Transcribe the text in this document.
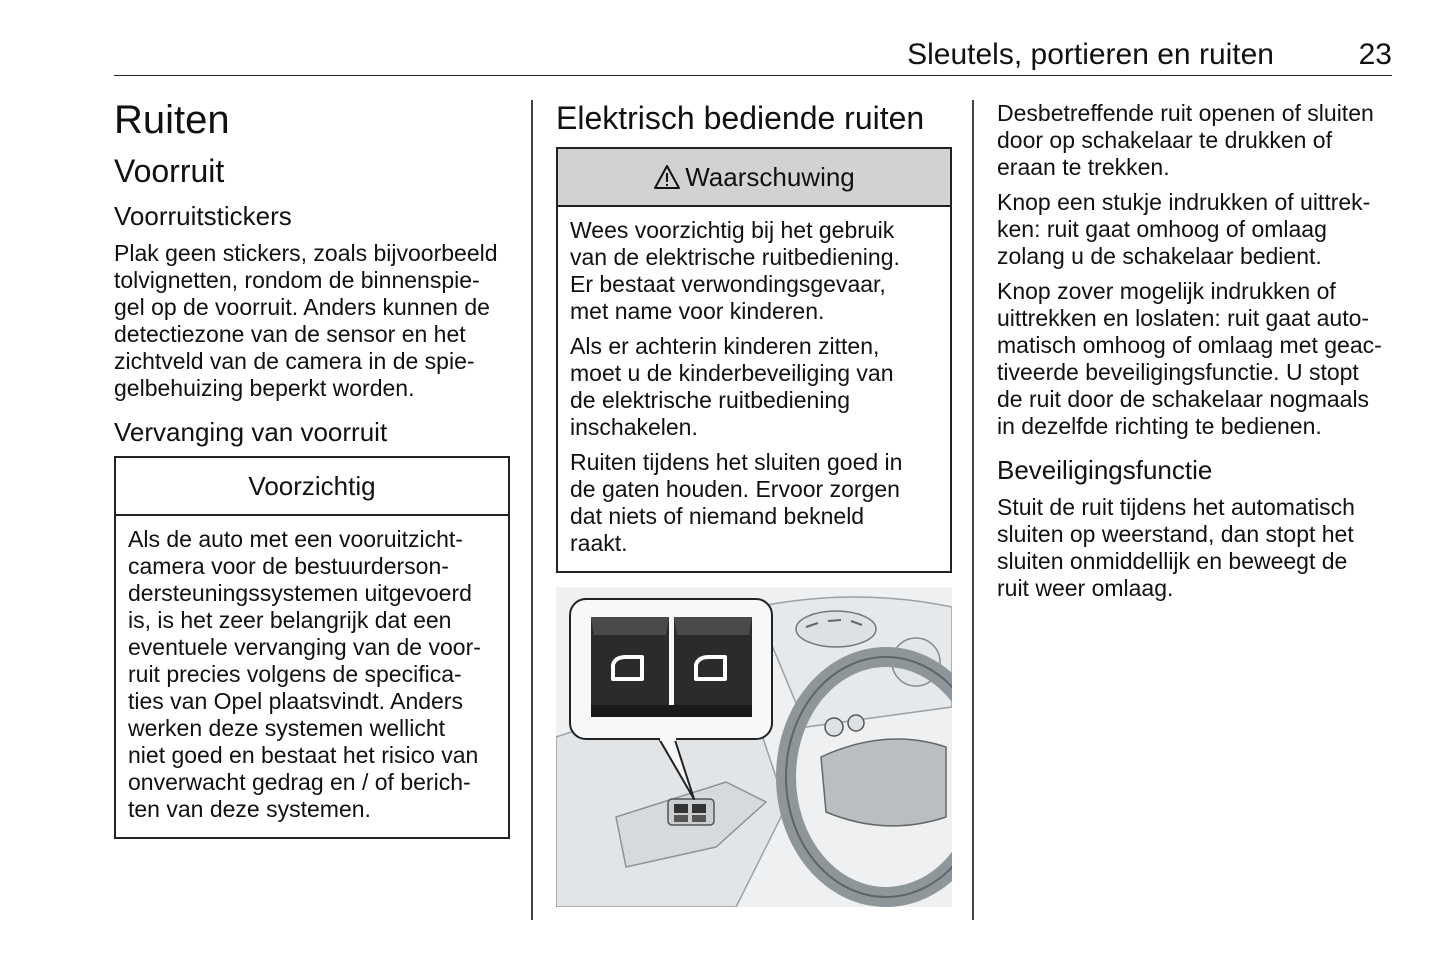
Sleutels, portieren en ruiten	23
Ruiten
Voorruit
Voorruitstickers

Plak geen stickers, zoals bijvoorbeeld
tolvignetten, rondom de binnenspie-
gel op de voorruit. Anders kunnen de
detectiezone van de sensor en het
zichtveld van de camera in de spie-
gelbehuizing beperkt worden.

Vervanging van voorruit
Voorzichtig

Als de auto met een vooruitzicht-
camera voor de bestuurderson-
dersteuningssystemen uitgevoerd
is, is het zeer belangrijk dat een
eventuele vervanging van de voor-
ruit precies volgens de specifica-
ties van Opel plaatsvindt. Anders
werken deze systemen wellicht
niet goed en bestaat het risico van
onverwacht gedrag en / of berich-
ten van deze systemen.

Elektrisch bediende ruiten
Waarschuwing

Wees voorzichtig bij het gebruik
van de elektrische ruitbediening.
Er bestaat verwondingsgevaar,
met name voor kinderen.

Als er achterin kinderen zitten,
moet u de kinderbeveiliging van
de elektrische ruitbediening
inschakelen.

Ruiten tijdens het sluiten goed in
de gaten houden. Ervoor zorgen
dat niets of niemand bekneld
raakt.

Desbetreffende ruit openen of sluiten
door op schakelaar te drukken of
eraan te trekken.

Knop een stukje indrukken of uittrek-
ken: ruit gaat omhoog of omlaag
zolang u de schakelaar bedient.

Knop zover mogelijk indrukken of
uittrekken en loslaten: ruit gaat auto-
matisch omhoog of omlaag met geac-
tiveerde beveiligingsfunctie. U stopt
de ruit door de schakelaar nogmaals
in dezelfde richting te bedienen.

Beveiligingsfunctie

Stuit de ruit tijdens het automatisch
sluiten op weerstand, dan stopt het
sluiten onmiddellijk en beweegt de
ruit weer omlaag.
